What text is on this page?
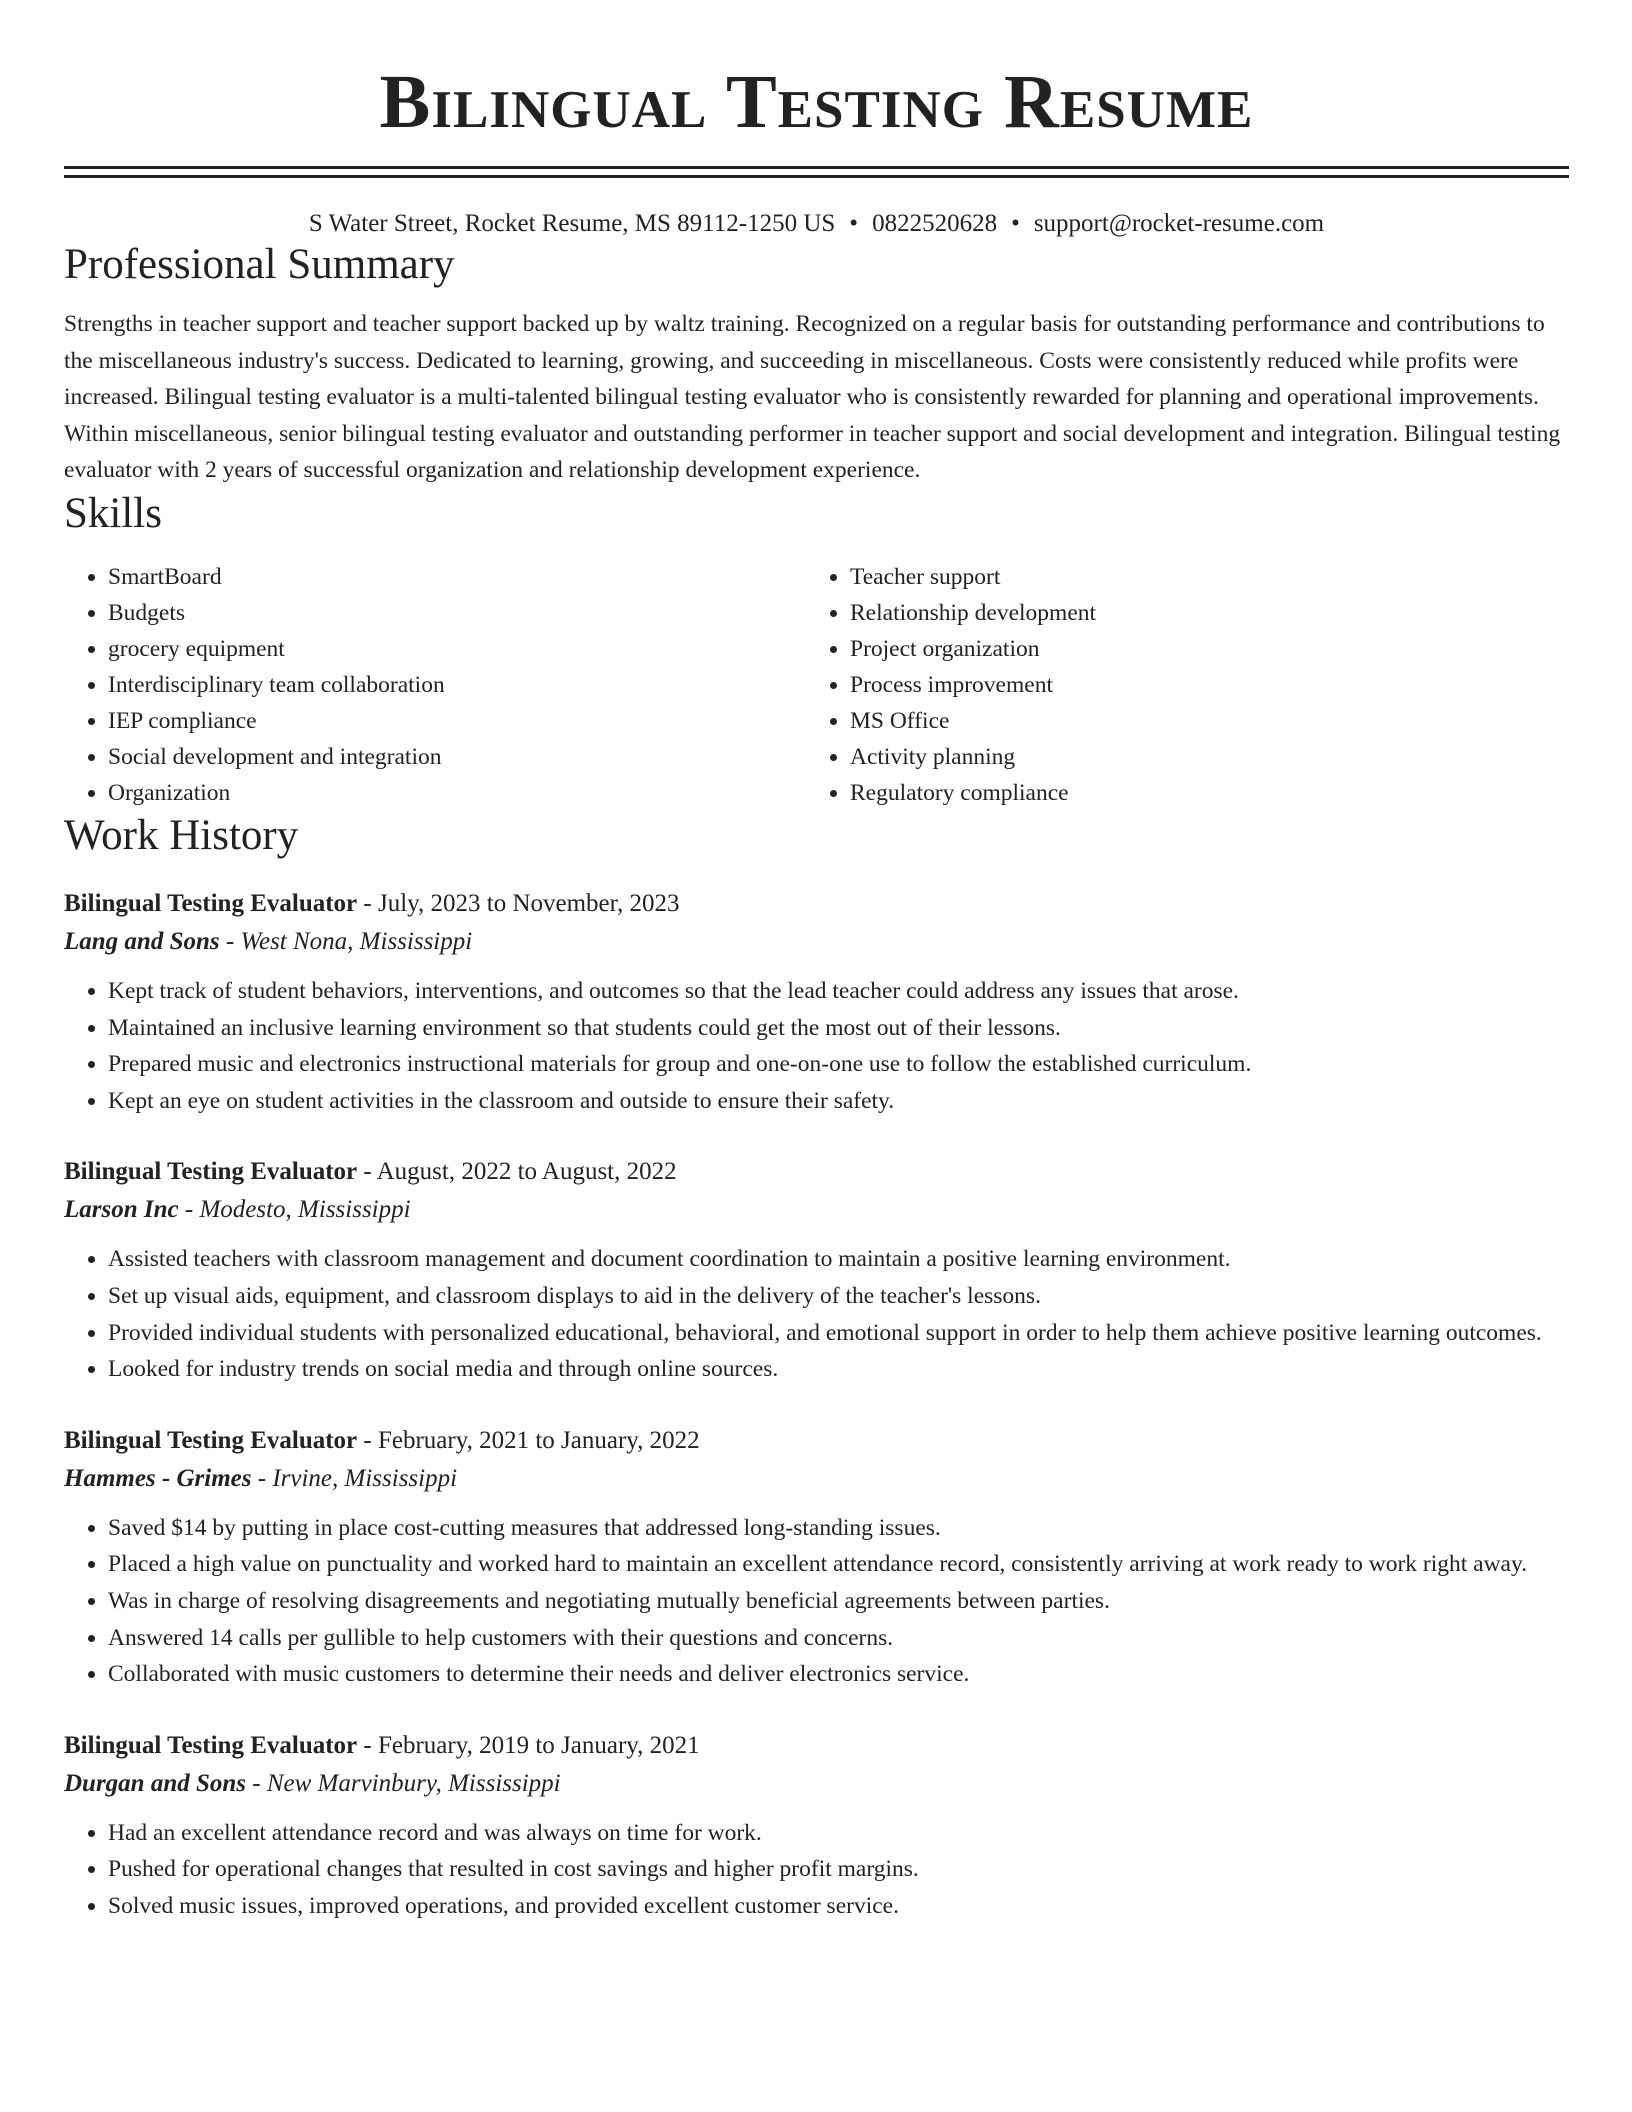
Bilingual Testing Resume
S Water Street, Rocket Resume, MS 89112-1250 US • 0822520628 • support@rocket-resume.com
Professional Summary

Strengths in teacher support and teacher support backed up by waltz training. Recognized on a regular basis for outstanding performance and contributions to the miscellaneous industry's success. Dedicated to learning, growing, and succeeding in miscellaneous. Costs were consistently reduced while profits were increased. Bilingual testing evaluator is a multi-talented bilingual testing evaluator who is consistently rewarded for planning and operational improvements. Within miscellaneous, senior bilingual testing evaluator and outstanding performer in teacher support and social development and integration. Bilingual testing evaluator with 2 years of successful organization and relationship development experience.

Skills
• SmartBoard
• Budgets
• grocery equipment
• Interdisciplinary team collaboration
• IEP compliance
• Social development and integration
• Organization
• Teacher support
• Relationship development
• Project organization
• Process improvement
• MS Office
• Activity planning
• Regulatory compliance
Work History
Bilingual Testing Evaluator - July, 2023 to November, 2023
Lang and Sons - West Nona, Mississippi
• Kept track of student behaviors, interventions, and outcomes so that the lead teacher could address any issues that arose.
• Maintained an inclusive learning environment so that students could get the most out of their lessons.
• Prepared music and electronics instructional materials for group and one-on-one use to follow the established curriculum.
• Kept an eye on student activities in the classroom and outside to ensure their safety.
Bilingual Testing Evaluator - August, 2022 to August, 2022
Larson Inc - Modesto, Mississippi
• Assisted teachers with classroom management and document coordination to maintain a positive learning environment.
• Set up visual aids, equipment, and classroom displays to aid in the delivery of the teacher's lessons.
• Provided individual students with personalized educational, behavioral, and emotional support in order to help them achieve positive learning outcomes.
• Looked for industry trends on social media and through online sources.
Bilingual Testing Evaluator - February, 2021 to January, 2022
Hammes - Grimes - Irvine, Mississippi
• Saved $14 by putting in place cost-cutting measures that addressed long-standing issues.
• Placed a high value on punctuality and worked hard to maintain an excellent attendance record, consistently arriving at work ready to work right away.
• Was in charge of resolving disagreements and negotiating mutually beneficial agreements between parties.
• Answered 14 calls per gullible to help customers with their questions and concerns.
• Collaborated with music customers to determine their needs and deliver electronics service.
Bilingual Testing Evaluator - February, 2019 to January, 2021
Durgan and Sons - New Marvinbury, Mississippi
• Had an excellent attendance record and was always on time for work.
• Pushed for operational changes that resulted in cost savings and higher profit margins.
• Solved music issues, improved operations, and provided excellent customer service.
